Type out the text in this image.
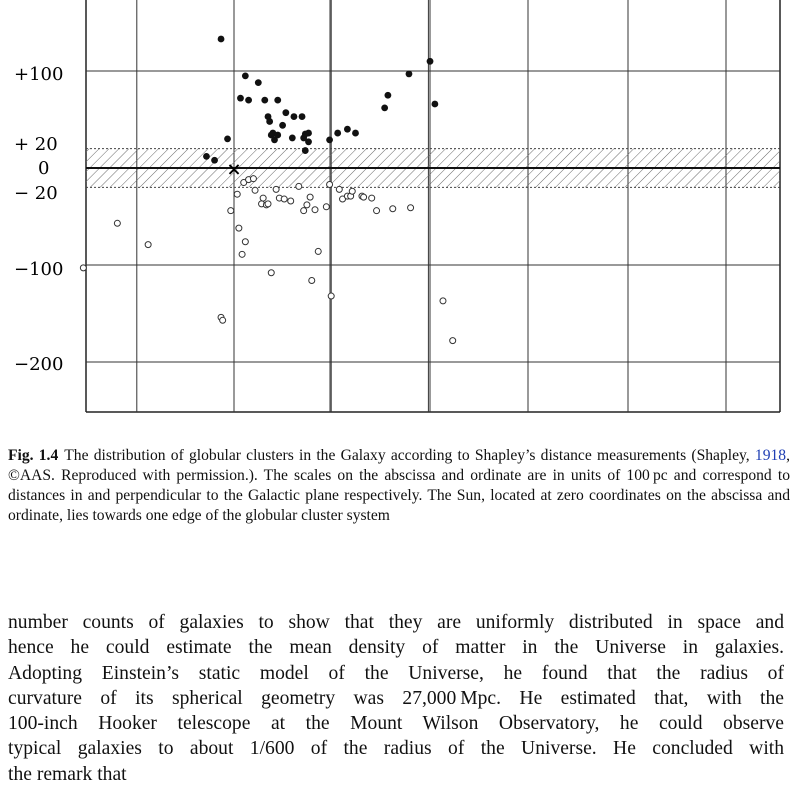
+100
+ 20
0
− 20
−100
−200
×

Fig. 1.4 The distribution of globular clusters in the Galaxy according to Shapley’s distance measurements (Shapley, 1918, ©AAS. Reproduced with permission.). The scales on the abscissa and ordinate are in units of 100 pc and correspond to distances in and perpendicular to the Galactic plane respectively. The Sun, located at zero coordinates on the abscissa and ordinate, lies towards one edge of the globular cluster system

number counts of galaxies to show that they are uniformly distributed in space and
hence he could estimate the mean density of matter in the Universe in galaxies.
Adopting Einstein’s static model of the Universe, he found that the radius of
curvature of its spherical geometry was 27,000 Mpc. He estimated that, with the
100-inch Hooker telescope at the Mount Wilson Observatory, he could observe
typical galaxies to about 1/600 of the radius of the Universe. He concluded with
the remark that
